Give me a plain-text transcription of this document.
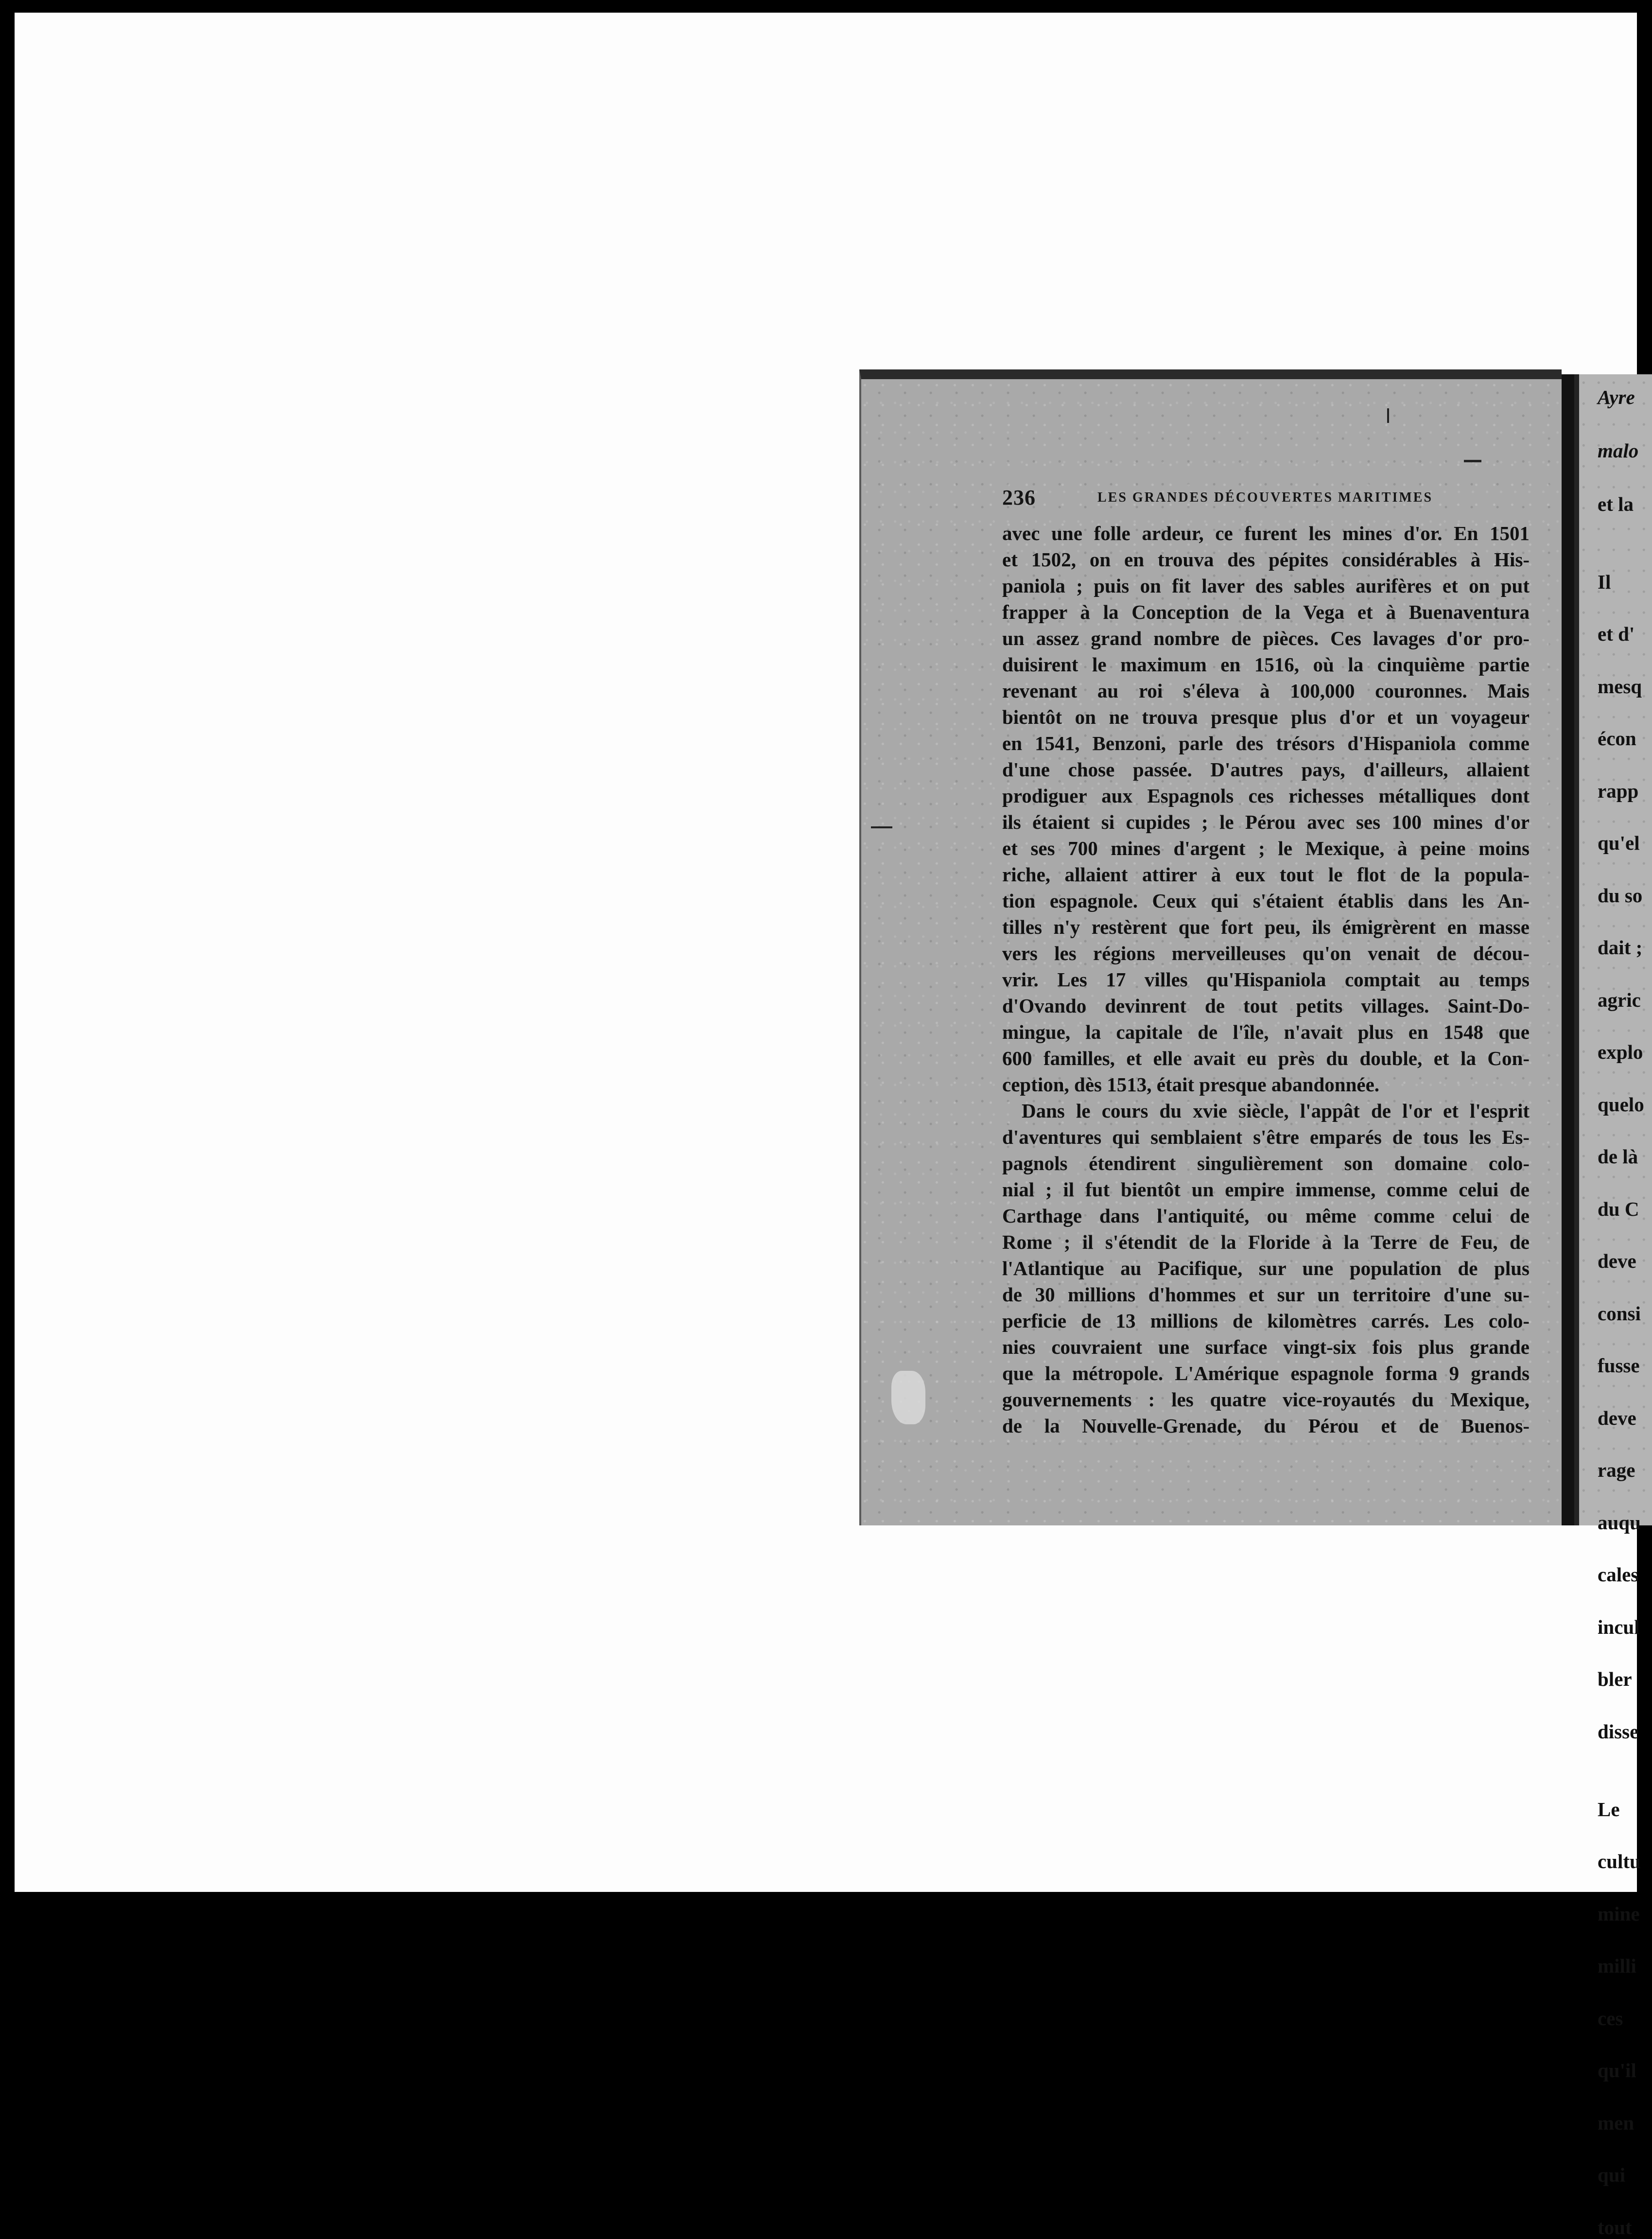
236	LES GRANDES DÉCOUVERTES MARITIMES
avec une folle ardeur, ce furent les mines d'or. En 1501
et 1502, on en trouva des pépites considérables à His-
paniola ; puis on fit laver des sables aurifères et on put
frapper à la Conception de la Vega et à Buenaventura
un assez grand nombre de pièces. Ces lavages d'or pro-
duisirent le maximum en 1516, où la cinquième partie
revenant au roi s'éleva à 100,000 couronnes. Mais
bientôt on ne trouva presque plus d'or et un voyageur
en 1541, Benzoni, parle des trésors d'Hispaniola comme
d'une chose passée. D'autres pays, d'ailleurs, allaient
prodiguer aux Espagnols ces richesses métalliques dont
ils étaient si cupides ; le Pérou avec ses 100 mines d'or
et ses 700 mines d'argent ; le Mexique, à peine moins
riche, allaient attirer à eux tout le flot de la popula-
tion espagnole. Ceux qui s'étaient établis dans les An-
tilles n'y restèrent que fort peu, ils émigrèrent en masse
vers les régions merveilleuses qu'on venait de décou-
vrir. Les 17 villes qu'Hispaniola comptait au temps
d'Ovando devinrent de tout petits villages. Saint-Do-
mingue, la capitale de l'île, n'avait plus en 1548 que
600 familles, et elle avait eu près du double, et la Con-
ception, dès 1513, était presque abandonnée.
Dans le cours du xvie siècle, l'appât de l'or et l'esprit
d'aventures qui semblaient s'être emparés de tous les Es-
pagnols étendirent singulièrement son domaine colo-
nial ; il fut bientôt un empire immense, comme celui de
Carthage dans l'antiquité, ou même comme celui de
Rome ; il s'étendit de la Floride à la Terre de Feu, de
l'Atlantique au Pacifique, sur une population de plus
de 30 millions d'hommes et sur un territoire d'une su-
perficie de 13 millions de kilomètres carrés. Les colo-
nies couvraient une surface vingt-six fois plus grande
que la métropole. L'Amérique espagnole forma 9 grands
gouvernements : les quatre vice-royautés du Mexique,
de la Nouvelle-Grenade, du Pérou et de Buenos-
Ayre
malo
et la
Il
et d'
mesq
écon
rapp
qu'el
du so
dait ;
agric
explo
quelo
de là
du C
deve
consi
fusse
deve
rage
auqu
cales
incul
bler
disse
Le
cultu
mine
milli
ces
qu'il
men
qui
tout
